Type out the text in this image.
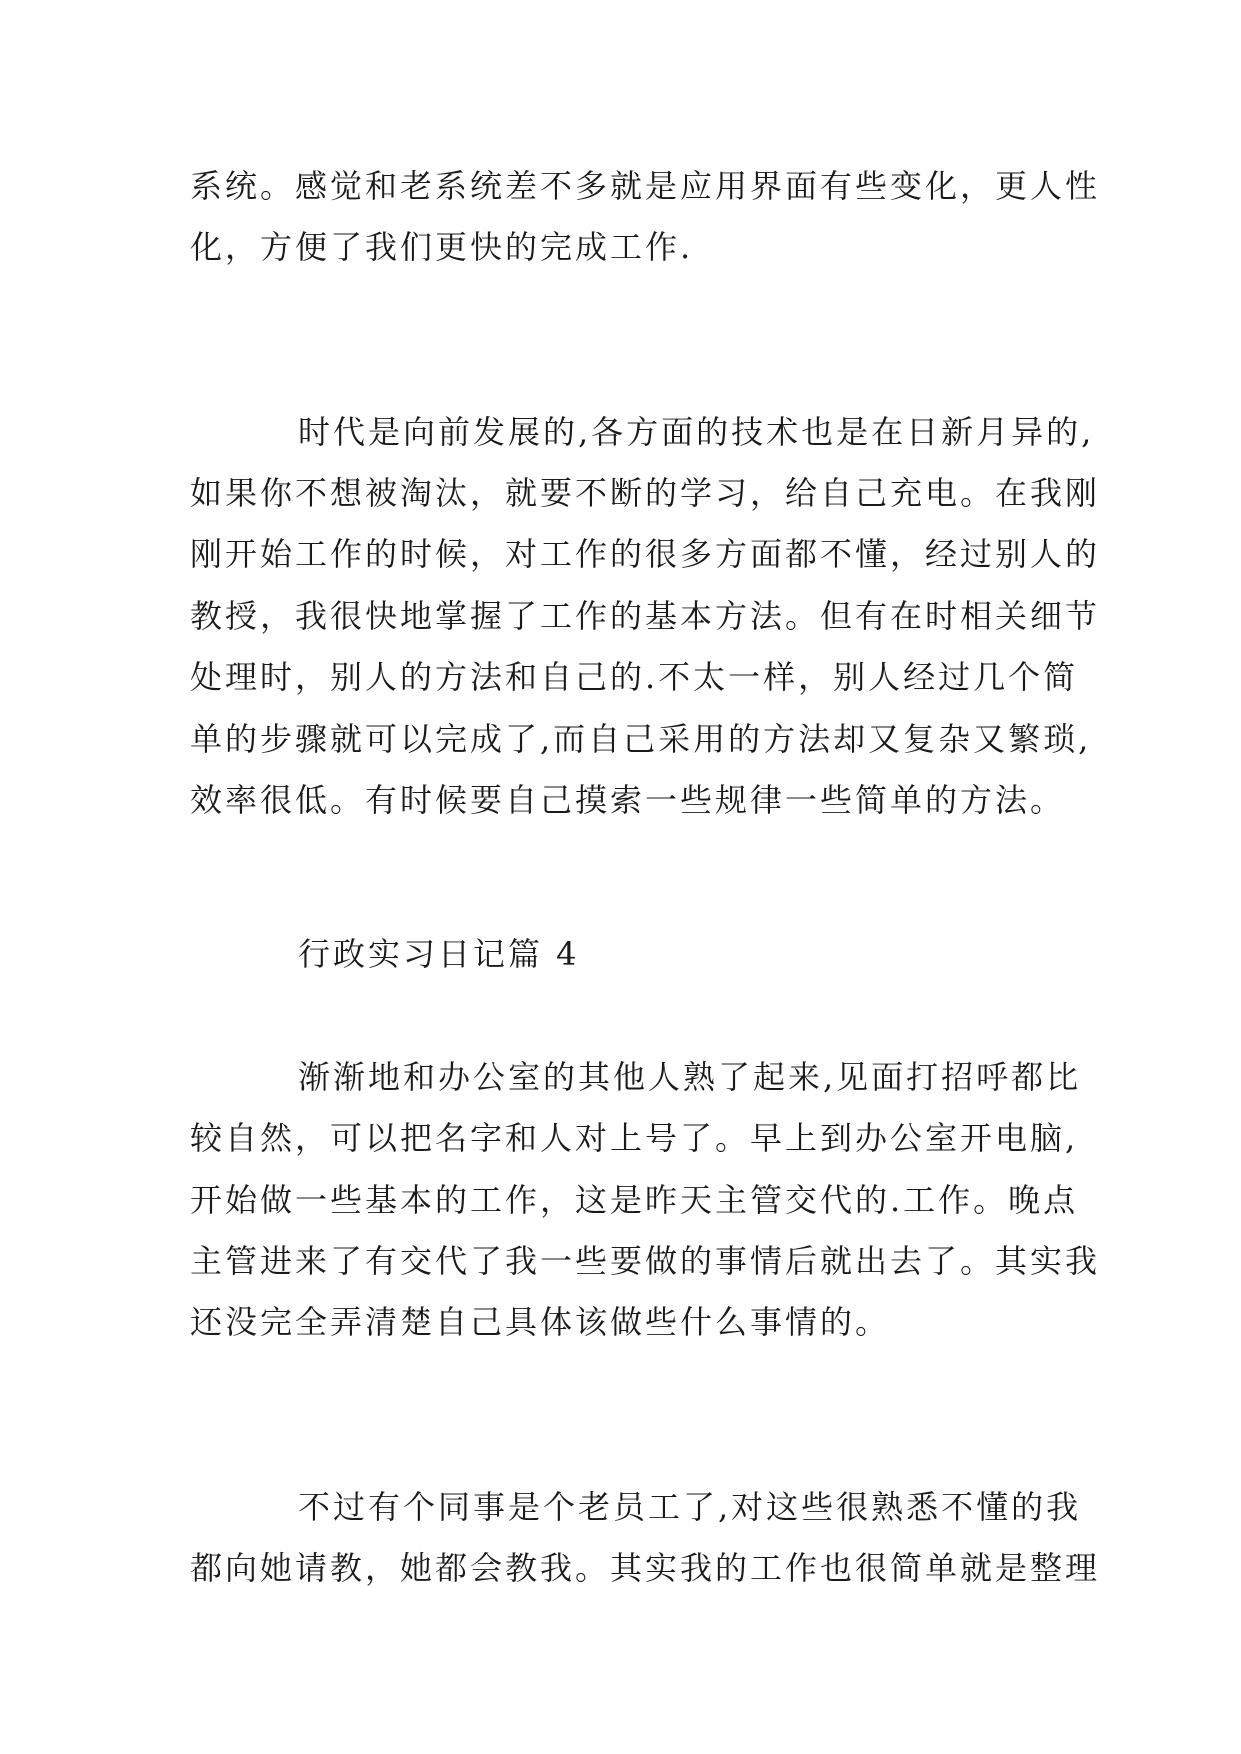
系统。感觉和老系统差不多就是应用界面有些变化，更人性
化，方便了我们更快的完成工作.
时代是向前发展的,各方面的技术也是在日新月异的,
如果你不想被淘汰，就要不断的学习，给自己充电。在我刚
刚开始工作的时候，对工作的很多方面都不懂，经过别人的
教授，我很快地掌握了工作的基本方法。但有在时相关细节
处理时，别人的方法和自己的.不太一样，别人经过几个简
单的步骤就可以完成了,而自己采用的方法却又复杂又繁琐,
效率很低。有时候要自己摸索一些规律一些简单的方法。
行政实习日记篇 4
渐渐地和办公室的其他人熟了起来,见面打招呼都比
较自然，可以把名字和人对上号了。早上到办公室开电脑,
开始做一些基本的工作，这是昨天主管交代的.工作。晚点
主管进来了有交代了我一些要做的事情后就出去了。其实我
还没完全弄清楚自己具体该做些什么事情的。
不过有个同事是个老员工了,对这些很熟悉不懂的我
都向她请教，她都会教我。其实我的工作也很简单就是整理
